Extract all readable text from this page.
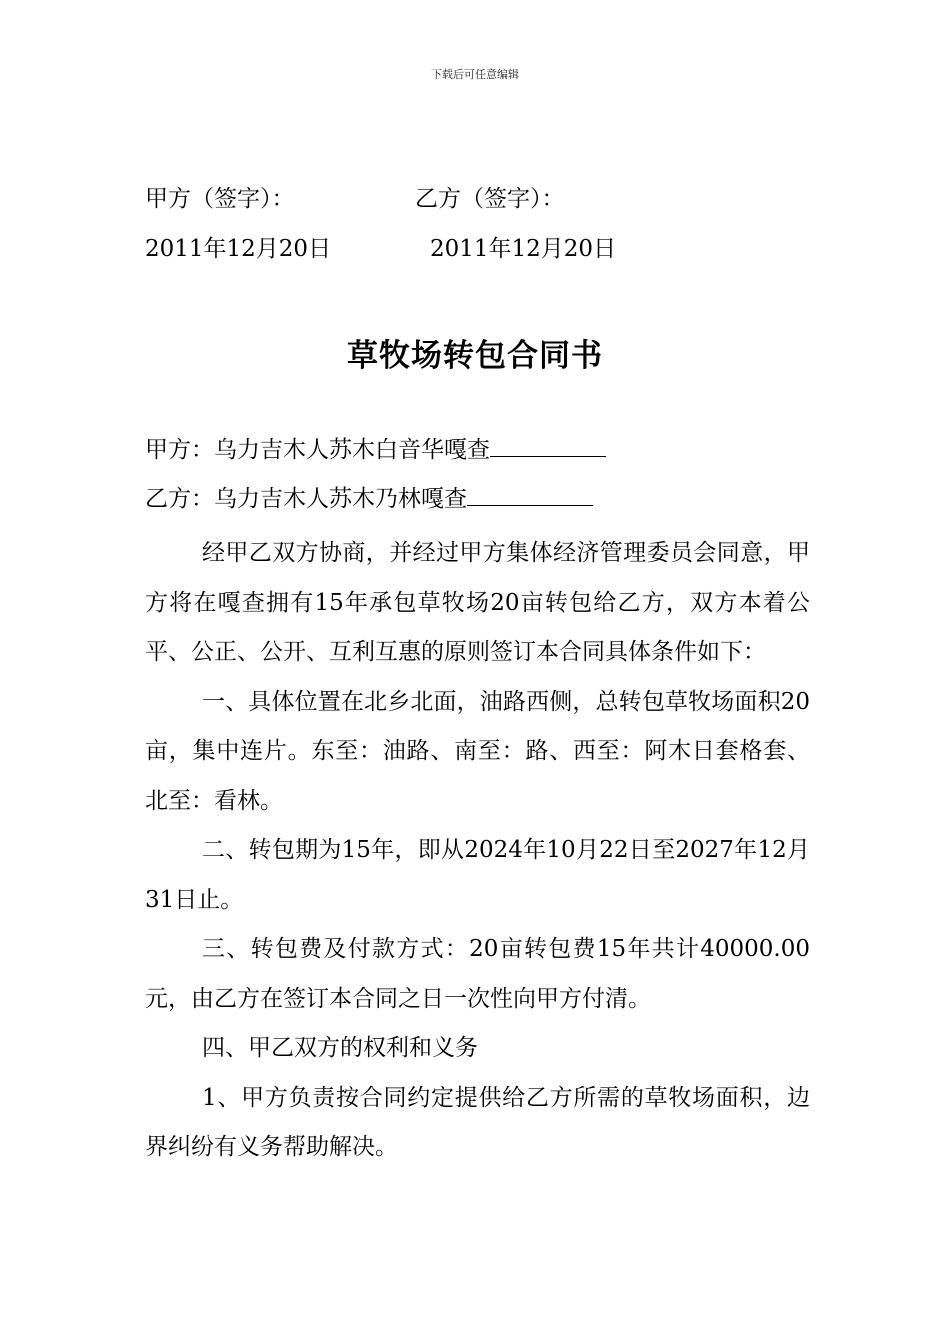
下载后可任意编辑
甲方（签字）：	乙方（签字）：
2011年12月20日	2011年12月20日
草牧场转包合同书
甲方：乌力吉木人苏木白音华嘎查
乙方：乌力吉木人苏木乃林嘎查

经甲乙双方协商，并经过甲方集体经济管理委员会同意，甲方将在嘎查拥有15年承包草牧场20亩转包给乙方，双方本着公平、公正、公开、互利互惠的原则签订本合同具体条件如下：

一、具体位置在北乡北面，油路西侧，总转包草牧场面积20亩，集中连片。东至：油路、南至：路、西至：阿木日套格套、北至：看林。

二、转包期为15年，即从2024年10月22日至2027年12月31日止。

三、转包费及付款方式：20亩转包费15年共计40000.00元，由乙方在签订本合同之日一次性向甲方付清。

四、甲乙双方的权利和义务

1、甲方负责按合同约定提供给乙方所需的草牧场面积，边界纠纷有义务帮助解决。
